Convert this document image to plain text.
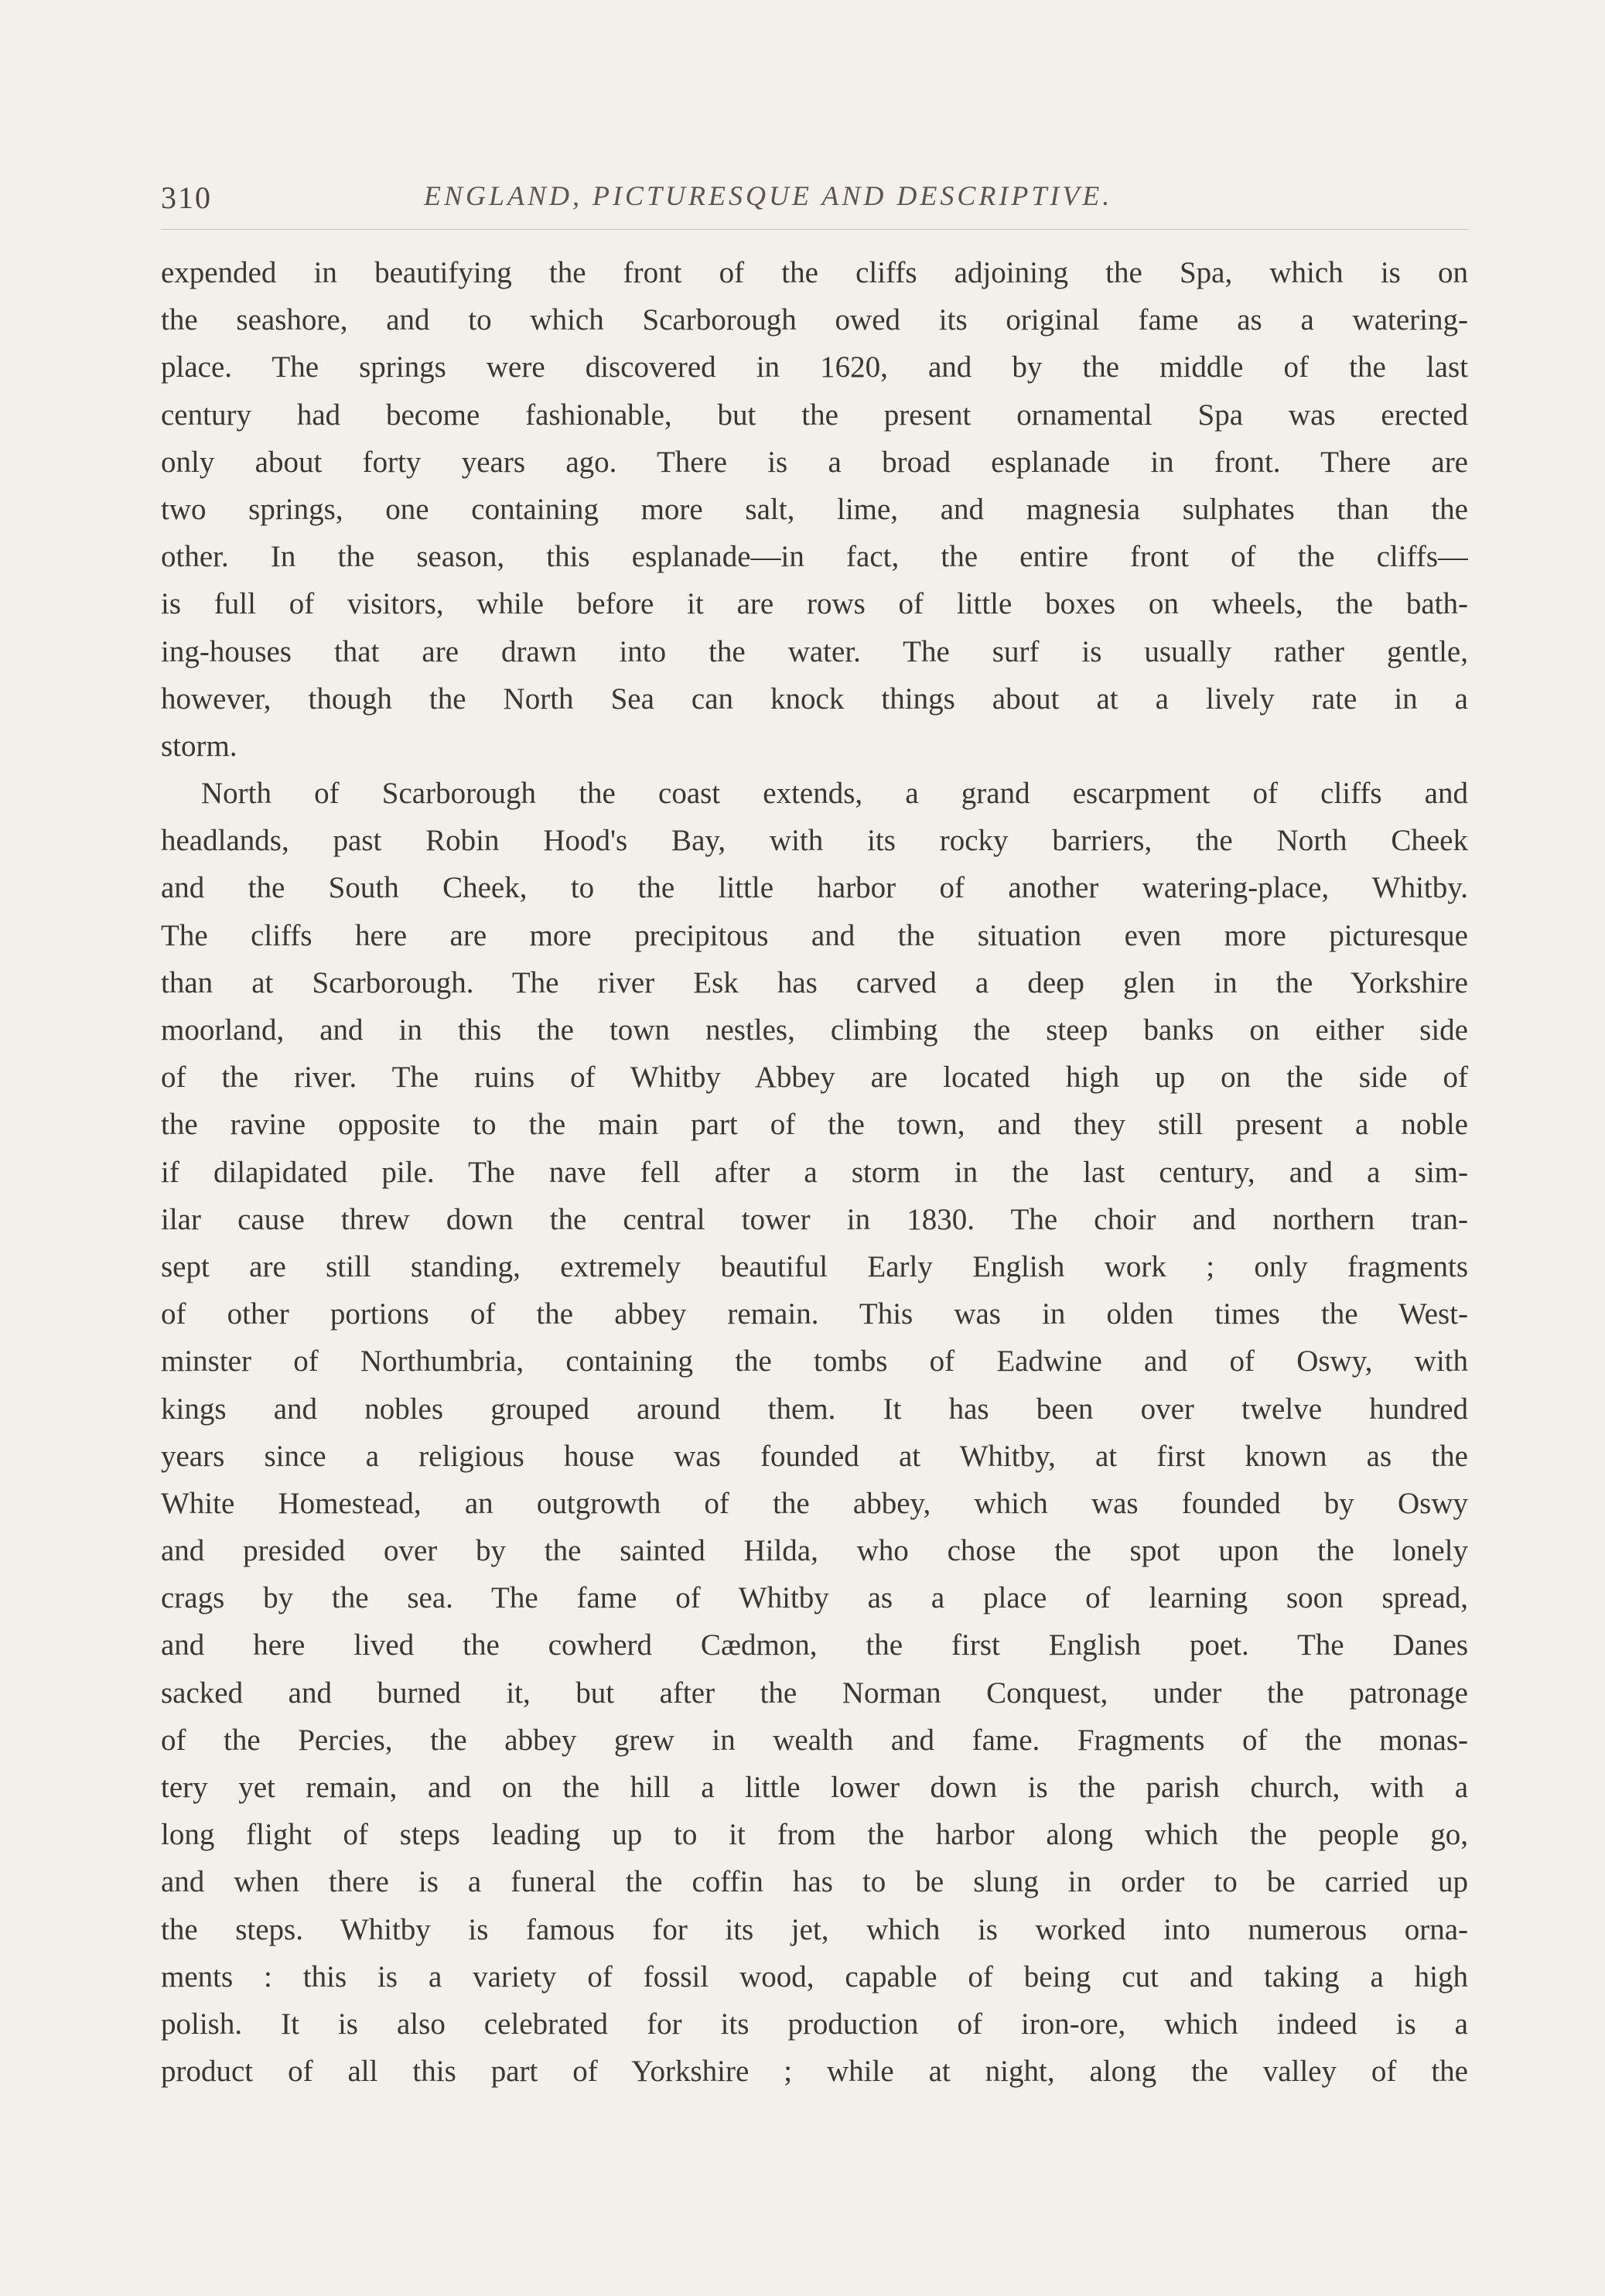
310	ENGLAND, PICTURESQUE AND DESCRIPTIVE.
expended in beautifying the front of the cliffs adjoining the Spa, which is on
the seashore, and to which Scarborough owed its original fame as a watering-
place. The springs were discovered in 1620, and by the middle of the last
century had become fashionable, but the present ornamental Spa was erected
only about forty years ago. There is a broad esplanade in front. There are
two springs, one containing more salt, lime, and magnesia sulphates than the
other. In the season, this esplanade—in fact, the entire front of the cliffs—
is full of visitors, while before it are rows of little boxes on wheels, the bath-
ing-houses that are drawn into the water. The surf is usually rather gentle,
however, though the North Sea can knock things about at a lively rate in a
storm.
North of Scarborough the coast extends, a grand escarpment of cliffs and
headlands, past Robin Hood's Bay, with its rocky barriers, the North Cheek
and the South Cheek, to the little harbor of another watering-place, Whitby.
The cliffs here are more precipitous and the situation even more picturesque
than at Scarborough. The river Esk has carved a deep glen in the Yorkshire
moorland, and in this the town nestles, climbing the steep banks on either side
of the river. The ruins of Whitby Abbey are located high up on the side of
the ravine opposite to the main part of the town, and they still present a noble
if dilapidated pile. The nave fell after a storm in the last century, and a sim-
ilar cause threw down the central tower in 1830. The choir and northern tran-
sept are still standing, extremely beautiful Early English work ; only fragments
of other portions of the abbey remain. This was in olden times the West-
minster of Northumbria, containing the tombs of Eadwine and of Oswy, with
kings and nobles grouped around them. It has been over twelve hundred
years since a religious house was founded at Whitby, at first known as the
White Homestead, an outgrowth of the abbey, which was founded by Oswy
and presided over by the sainted Hilda, who chose the spot upon the lonely
crags by the sea. The fame of Whitby as a place of learning soon spread,
and here lived the cowherd Cædmon, the first English poet. The Danes
sacked and burned it, but after the Norman Conquest, under the patronage
of the Percies, the abbey grew in wealth and fame. Fragments of the monas-
tery yet remain, and on the hill a little lower down is the parish church, with a
long flight of steps leading up to it from the harbor along which the people go,
and when there is a funeral the coffin has to be slung in order to be carried up
the steps. Whitby is famous for its jet, which is worked into numerous orna-
ments : this is a variety of fossil wood, capable of being cut and taking a high
polish. It is also celebrated for its production of iron-ore, which indeed is a
product of all this part of Yorkshire ; while at night, along the valley of the
